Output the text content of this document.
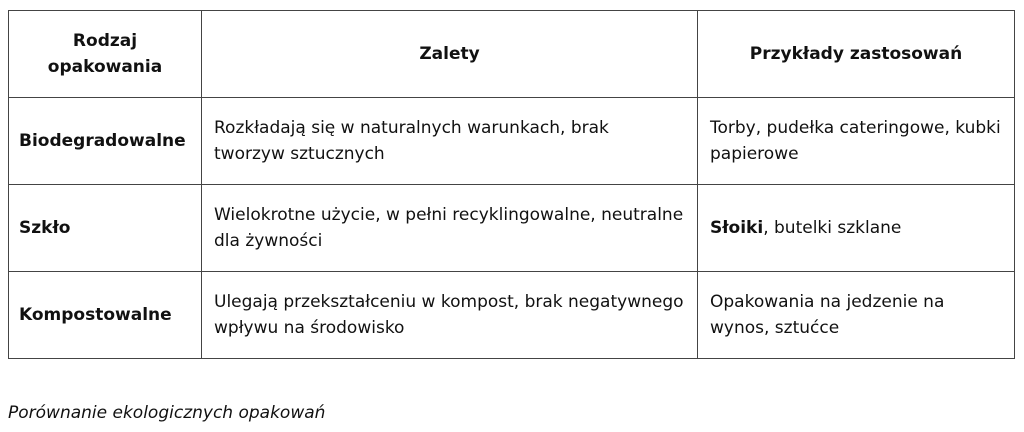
Rodzaj opakowania	Zalety	Przykłady zastosowań
Biodegradowalne	Rozkładają się w naturalnych warunkach, brak tworzyw sztucznych	Torby, pudełka cateringowe, kubki papierowe
Szkło	Wielokrotne użycie, w pełni recyklingowalne, neutralne dla żywności	Słoiki, butelki szklane
Kompostowalne	Ulegają przekształceniu w kompost, brak negatywnego wpływu na środowisko	Opakowania na jedzenie na wynos, sztućce
Porównanie ekologicznych opakowań
